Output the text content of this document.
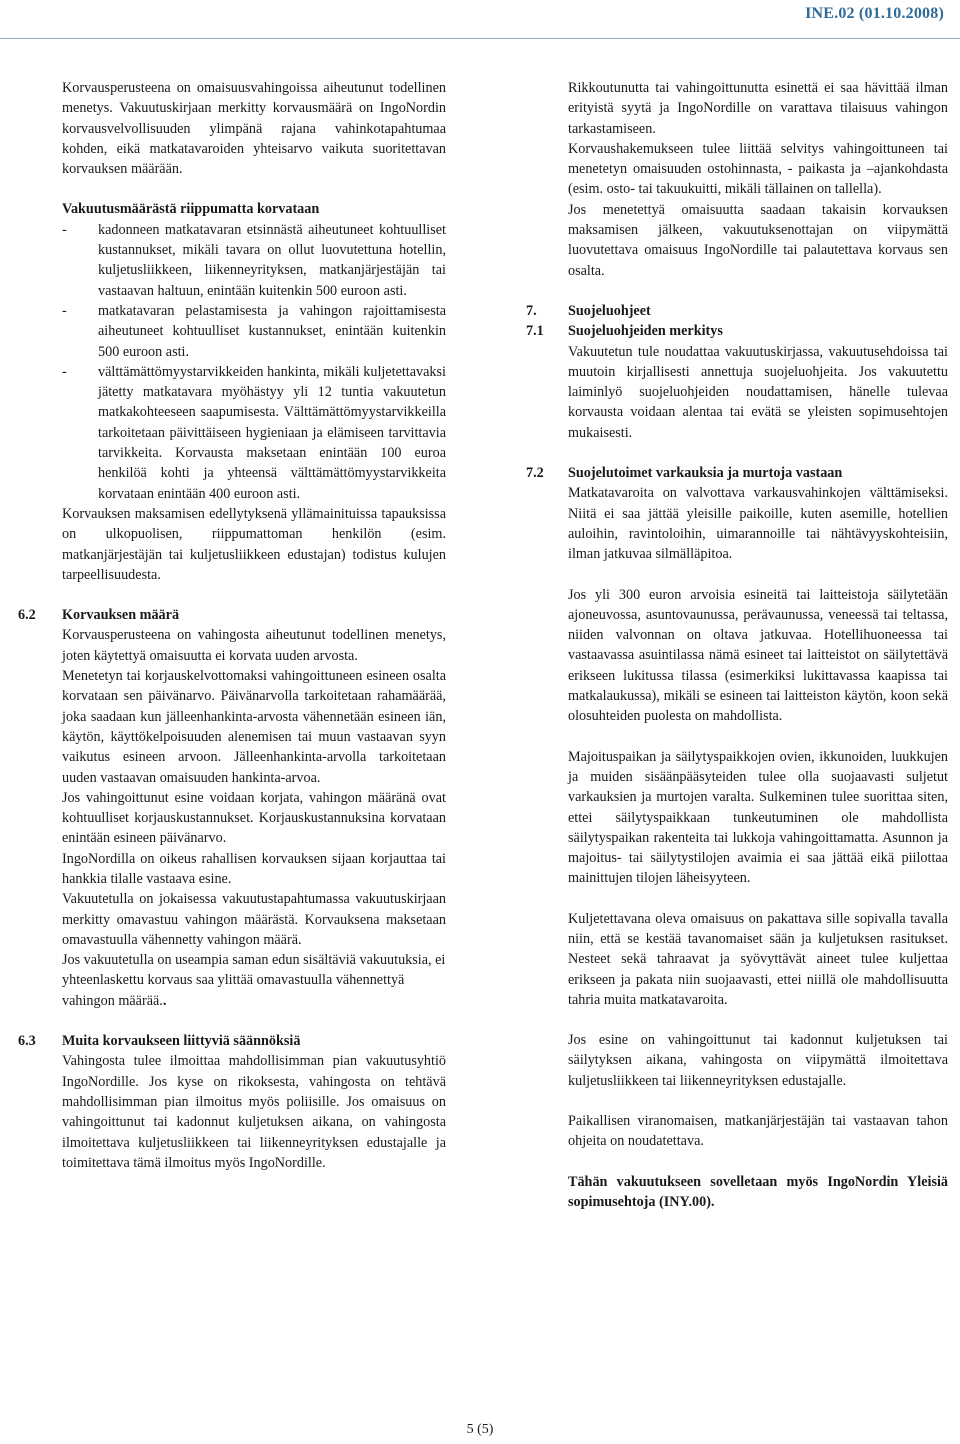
INE.02 (01.10.2008)

Korvausperusteena on omaisuusvahingoissa aiheutunut todellinen menetys. Vakuutuskirjaan merkitty korvausmäärä on IngoNordin korvausvelvollisuuden ylimpänä rajana vahinkotapahtumaa kohden, eikä matkatavaroiden yhteisarvo vaikuta suoritettavan korvauksen määrään.

Vakuutusmäärästä riippumatta korvataan

- kadonneen matkatavaran etsinnästä aiheutuneet kohtuulliset kustannukset, mikäli tavara on ollut luovutettuna hotellin, kuljetusliikkeen, liikenneyrityksen, matkanjärjestäjän tai vastaavan haltuun, enintään kuitenkin 500 euroon asti.
- matkatavaran pelastamisesta ja vahingon rajoittamisesta aiheutuneet kohtuulliset kustannukset, enintään kuitenkin 500 euroon asti.
- välttämättömyystarvikkeiden hankinta, mikäli kuljetettavaksi jätetty matkatavara myöhästyy yli 12 tuntia vakuutetun matkakohteeseen saapumisesta. Välttämättömyystarvikkeilla tarkoitetaan päivittäiseen hygieniaan ja elämiseen tarvittavia tarvikkeita. Korvausta maksetaan enintään 100 euroa henkilöä kohti ja yhteensä välttämättömyystarvikkeita korvataan enintään 400 euroon asti.

Korvauksen maksamisen edellytyksenä yllämainituissa tapauksissa on ulkopuolisen, riippumattoman henkilön (esim. matkanjärjestäjän tai kuljetusliikkeen edustajan) todistus kulujen tarpeellisuudesta.

6.2 Korvauksen määrä

Korvausperusteena on vahingosta aiheutunut todellinen menetys, joten käytettyä omaisuutta ei korvata uuden arvosta.

Menetetyn tai korjauskelvottomaksi vahingoittuneen esineen osalta korvataan sen päivänarvo. Päivänarvolla tarkoitetaan rahamäärää, joka saadaan kun jälleenhankinta-arvosta vähennetään esineen iän, käytön, käyttökelpoisuuden alenemisen tai muun vastaavan syyn vaikutus esineen arvoon. Jälleenhankinta-arvolla tarkoitetaan uuden vastaavan omaisuuden hankinta-arvoa.

Jos vahingoittunut esine voidaan korjata, vahingon määränä ovat kohtuulliset korjauskustannukset. Korjauskustannuksina korvataan enintään esineen päivänarvo.

IngoNordilla on oikeus rahallisen korvauksen sijaan korjauttaa tai hankkia tilalle vastaava esine.

Vakuutetulla on jokaisessa vakuutustapahtumassa vakuutuskirjaan merkitty omavastuu vahingon määrästä. Korvauksena maksetaan omavastuulla vähennetty vahingon määrä.

Jos vakuutetulla on useampia saman edun sisältäviä vakuutuksia, ei yhteenlaskettu korvaus saa ylittää omavastuulla vähennettyä vahingon määrää..

6.3 Muita korvaukseen liittyviä säännöksiä

Vahingosta tulee ilmoittaa mahdollisimman pian vakuutusyhtiö IngoNordille. Jos kyse on rikoksesta, vahingosta on tehtävä mahdollisimman pian ilmoitus myös poliisille. Jos omaisuus on vahingoittunut tai kadonnut kuljetuksen aikana, on vahingosta ilmoitettava kuljetusliikkeen tai liikenneyrityksen edustajalle ja toimitettava tämä ilmoitus myös IngoNordille.

Rikkoutunutta tai vahingoittunutta esinettä ei saa hävittää ilman erityistä syytä ja IngoNordille on varattava tilaisuus vahingon tarkastamiseen.

Korvaushakemukseen tulee liittää selvitys vahingoittuneen tai menetetyn omaisuuden ostohinnasta, - paikasta ja –ajankohdasta (esim. osto- tai takuukuitti, mikäli tällainen on tallella).

Jos menetettyä omaisuutta saadaan takaisin korvauksen maksamisen jälkeen, vakuutuksenottajan on viipymättä luovutettava omaisuus IngoNordille tai palautettava korvaus sen osalta.

7. Suojeluohjeet
7.1 Suojeluohjeiden merkitys

Vakuutetun tule noudattaa vakuutuskirjassa, vakuutusehdoissa tai muutoin kirjallisesti annettuja suojeluohjeita. Jos vakuutettu laiminlyö suojeluohjeiden noudattamisen, hänelle tulevaa korvausta voidaan alentaa tai evätä se yleisten sopimusehtojen mukaisesti.

7.2 Suojelutoimet varkauksia ja murtoja vastaan

Matkatavaroita on valvottava varkausvahinkojen välttämiseksi. Niitä ei saa jättää yleisille paikoille, kuten asemille, hotellien auloihin, ravintoloihin, uimarannoille tai nähtävyyskohteisiin, ilman jatkuvaa silmälläpitoa.

Jos yli 300 euron arvoisia esineitä tai laitteistoja säilytetään ajoneuvossa, asuntovaunussa, perävaunussa, veneessä tai teltassa, niiden valvonnan on oltava jatkuvaa. Hotellihuoneessa tai vastaavassa asuintilassa nämä esineet tai laitteistot on säilytettävä erikseen lukitussa tilassa (esimerkiksi lukittavassa kaapissa tai matkalaukussa), mikäli se esineen tai laitteiston käytön, koon sekä olosuhteiden puolesta on mahdollista.

Majoituspaikan ja säilytyspaikkojen ovien, ikkunoiden, luukkujen ja muiden sisäänpääsyteiden tulee olla suojaavasti suljetut varkauksien ja murtojen varalta. Sulkeminen tulee suorittaa siten, ettei säilytyspaikkaan tunkeutuminen ole mahdollista säilytyspaikan rakenteita tai lukkoja vahingoittamatta. Asunnon ja majoitus- tai säilytystilojen avaimia ei saa jättää eikä piilottaa mainittujen tilojen läheisyyteen.

Kuljetettavana oleva omaisuus on pakattava sille sopivalla tavalla niin, että se kestää tavanomaiset sään ja kuljetuksen rasitukset. Nesteet sekä tahraavat ja syövyttävät aineet tulee kuljettaa erikseen ja pakata niin suojaavasti, ettei niillä ole mahdollisuutta tahria muita matkatavaroita.

Jos esine on vahingoittunut tai kadonnut kuljetuksen tai säilytyksen aikana, vahingosta on viipymättä ilmoitettava kuljetusliikkeen tai liikenneyrityksen edustajalle.

Paikallisen viranomaisen, matkanjärjestäjän tai vastaavan tahon ohjeita on noudatettava.

Tähän vakuutukseen sovelletaan myös IngoNordin Yleisiä sopimusehtoja (INY.00).

5 (5)
